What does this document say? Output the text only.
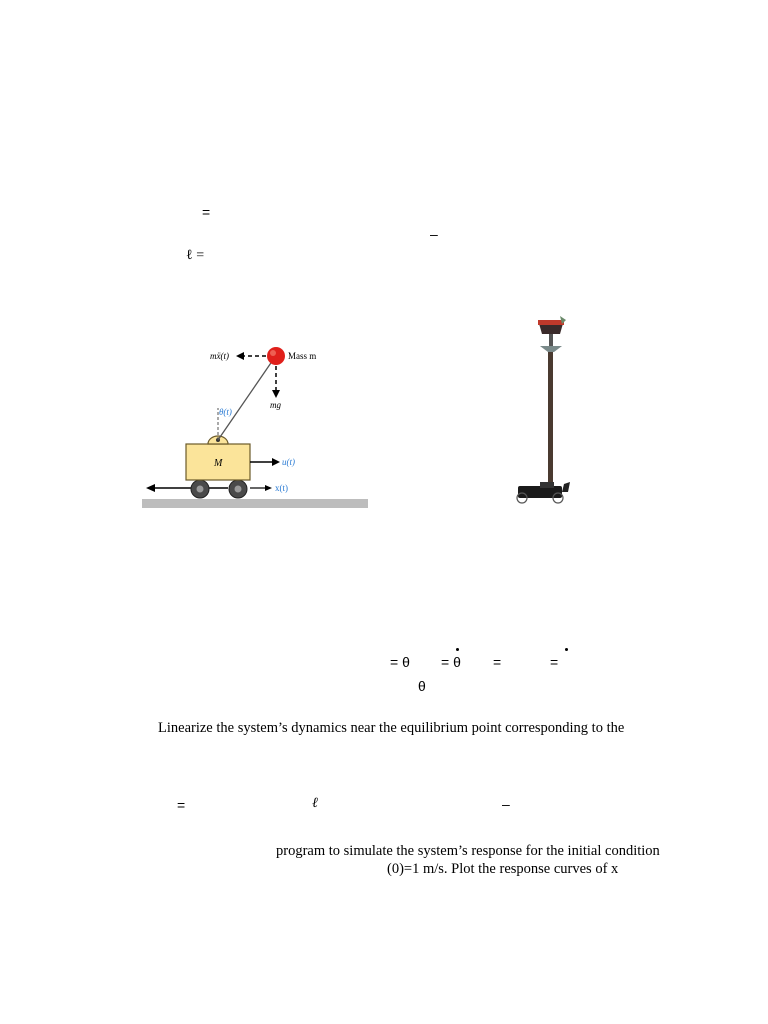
=
–
ℓ =
mẍ(t)	Mass m
mg
θ(t)
M	u(t)
x(t)
= θ = θ =	=
θ
Linearize the system’s dynamics near the equilibrium point corresponding to the
=	ℓ	–
program to simulate the system’s response for the initial condition
(0)=1 m/s. Plot the response curves of x
